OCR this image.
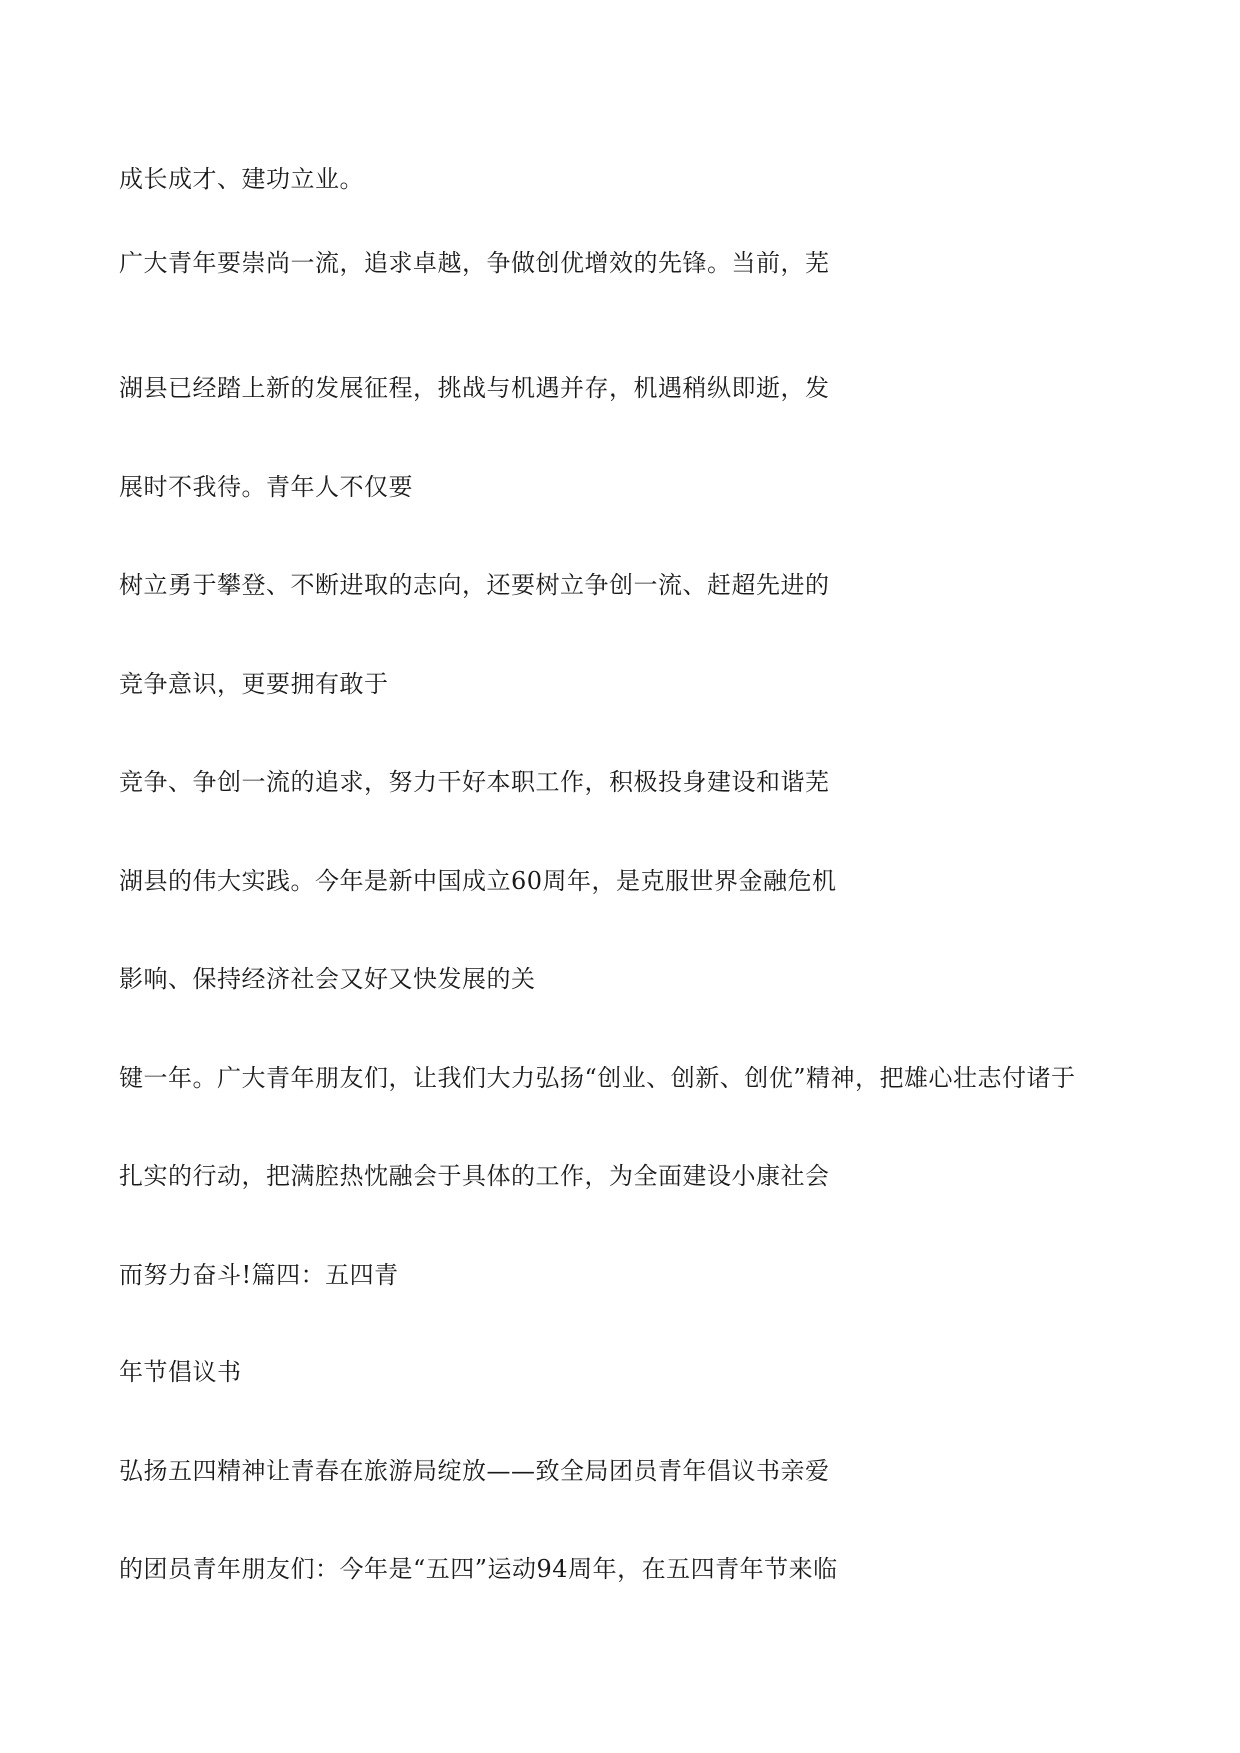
成长成才、建功立业。

广大青年要崇尚一流，追求卓越，争做创优增效的先锋。当前，芜

湖县已经踏上新的发展征程，挑战与机遇并存，机遇稍纵即逝，发

展时不我待。青年人不仅要

树立勇于攀登、不断进取的志向，还要树立争创一流、赶超先进的

竞争意识，更要拥有敢于

竞争、争创一流的追求，努力干好本职工作，积极投身建设和谐芜

湖县的伟大实践。今年是新中国成立60周年，是克服世界金融危机

影响、保持经济社会又好又快发展的关

键一年。广大青年朋友们，让我们大力弘扬“创业、创新、创优”精神，把雄心壮志付诸于

扎实的行动，把满腔热忱融会于具体的工作，为全面建设小康社会

而努力奋斗!篇四：五四青

年节倡议书

弘扬五四精神让青春在旅游局绽放——致全局团员青年倡议书亲爱

的团员青年朋友们：今年是“五四”运动94周年，在五四青年节来临
